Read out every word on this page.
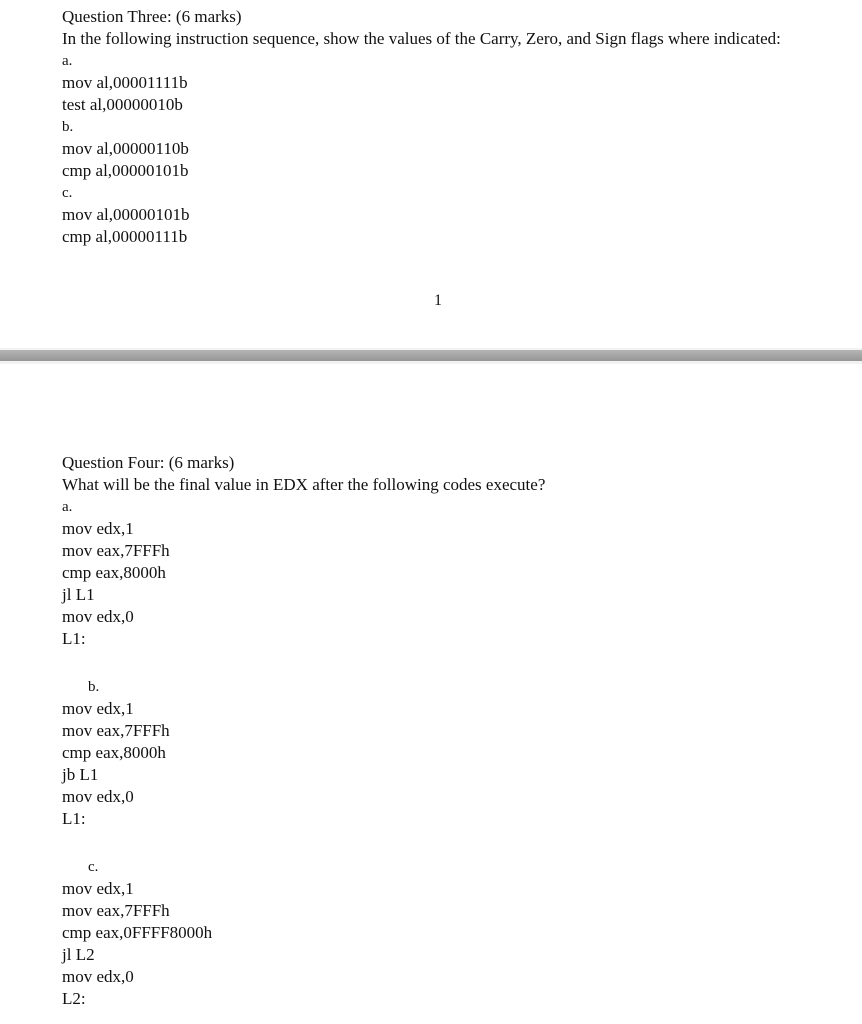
Question Three: (6 marks)
In the following instruction sequence, show the values of the Carry, Zero, and Sign flags where indicated:
a.
mov al,00001111b
test al,00000010b
b.
mov al,00000110b
cmp al,00000101b
c.
mov al,00000101b
cmp al,00000111b
1
Question Four: (6 marks)
What will be the final value in EDX after the following codes execute?
a.
mov edx,1
mov eax,7FFFh
cmp eax,8000h
jl L1
mov edx,0
L1:
b.
mov edx,1
mov eax,7FFFh
cmp eax,8000h
jb L1
mov edx,0
L1:
c.
mov edx,1
mov eax,7FFFh
cmp eax,0FFFF8000h
jl L2
mov edx,0
L2:
